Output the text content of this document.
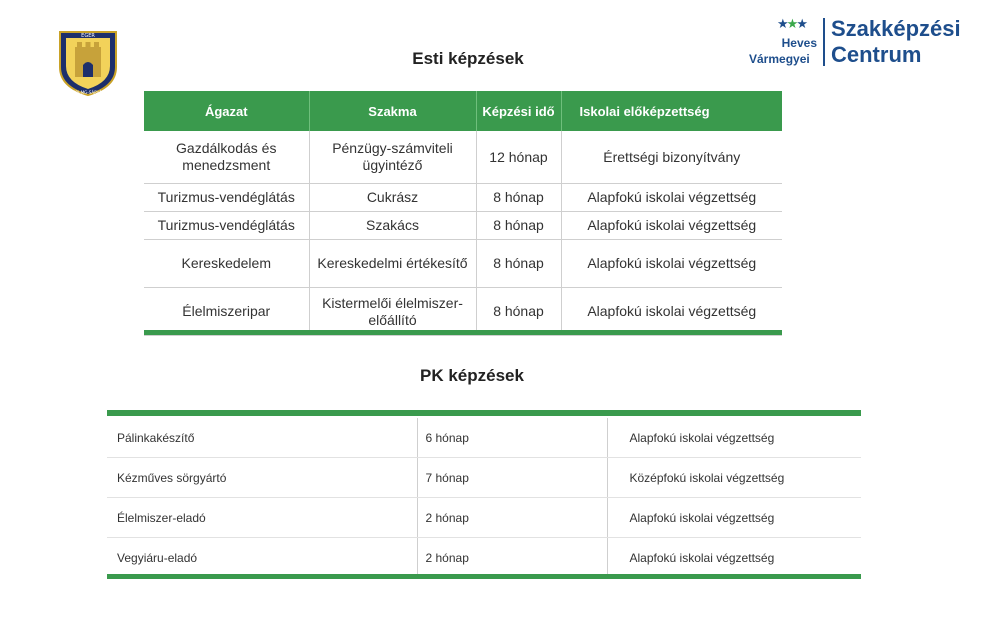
EGER
KERI-MG-SÁRVÁRI
★★★
Heves
Vármegyei
Szakképzési
Centrum
Esti képzések
Ágazat	Szakma	Képzési idő	Iskolai előképzettség
Gazdálkodás és menedzsment	Pénzügy-számviteli ügyintéző	12 hónap	Érettségi bizonyítvány
Turizmus-vendéglátás	Cukrász	8 hónap	Alapfokú iskolai végzettség
Turizmus-vendéglátás	Szakács	8 hónap	Alapfokú iskolai végzettség
Kereskedelem	Kereskedelmi értékesítő	8 hónap	Alapfokú iskolai végzettség
Élelmiszeripar	Kistermelői élelmiszer-előállító	8 hónap	Alapfokú iskolai végzettség
PK képzések
Pálinkakészítő	6 hónap	Alapfokú iskolai végzettség
Kézműves sörgyártó	7 hónap	Középfokú iskolai végzettség
Élelmiszer-eladó	2 hónap	Alapfokú iskolai végzettség
Vegyiáru-eladó	2 hónap	Alapfokú iskolai végzettség
